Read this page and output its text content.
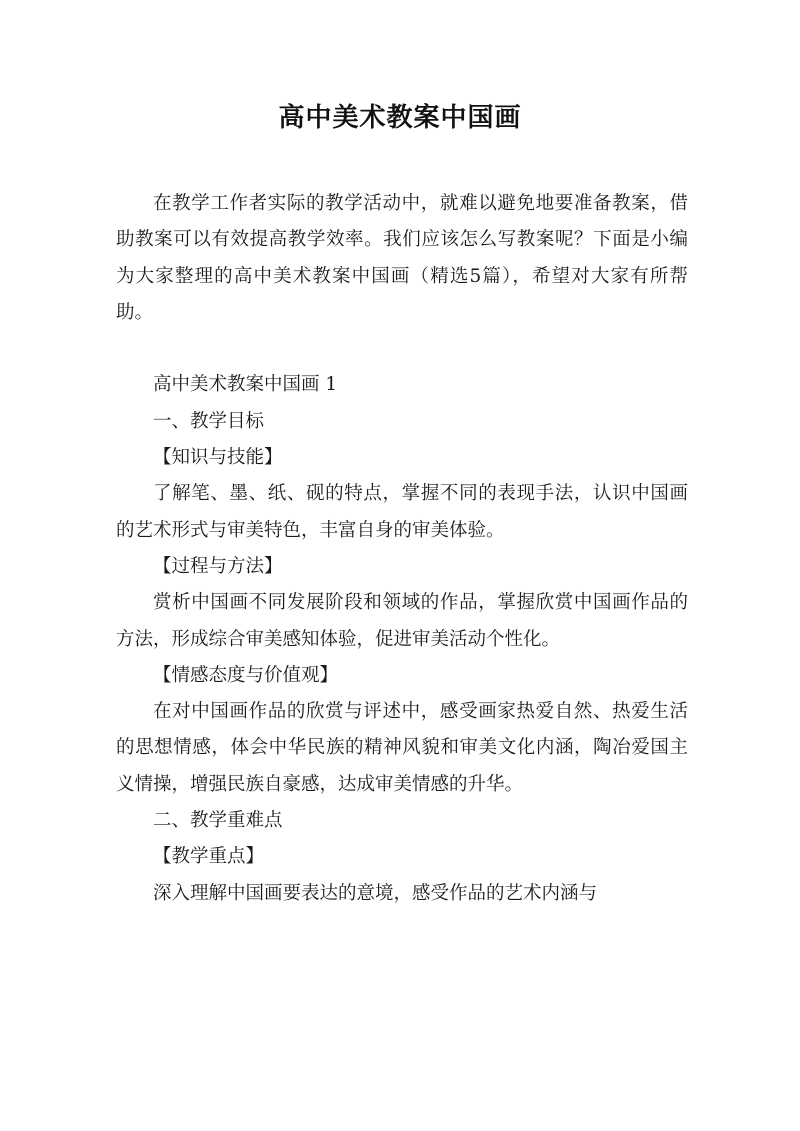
高中美术教案中国画

在教学工作者实际的教学活动中，就难以避免地要准备教案，借助教案可以有效提高教学效率。我们应该怎么写教案呢？下面是小编为大家整理的高中美术教案中国画（精选5篇），希望对大家有所帮助。

高中美术教案中国画 1

一、教学目标

【知识与技能】

了解笔、墨、纸、砚的特点，掌握不同的表现手法，认识中国画的艺术形式与审美特色，丰富自身的审美体验。

【过程与方法】

赏析中国画不同发展阶段和领域的作品，掌握欣赏中国画作品的方法，形成综合审美感知体验，促进审美活动个性化。

【情感态度与价值观】

在对中国画作品的欣赏与评述中，感受画家热爱自然、热爱生活的思想情感，体会中华民族的精神风貌和审美文化内涵，陶冶爱国主义情操，增强民族自豪感，达成审美情感的升华。

二、教学重难点

【教学重点】

深入理解中国画要表达的意境，感受作品的艺术内涵与
